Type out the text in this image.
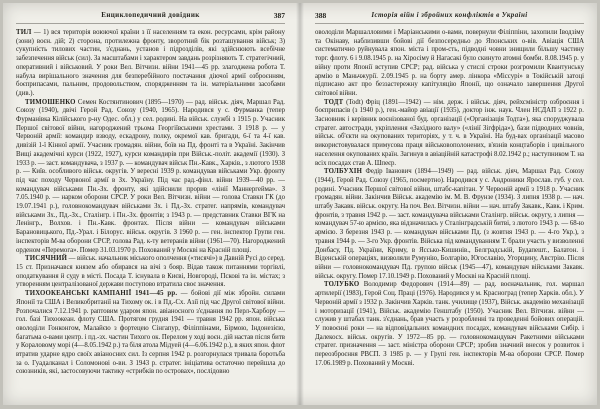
Енциклопедичний довідник	387

ТИЛ — 1) вся територія воюючої країни з її населенням та екон. ресурсами, крім району (зони) воєн. дій; 2) сторона, протилежна фронту, зворотний бік розташування військ; 3) сукупність тилових частин, з'єднань, установ і підрозділів, які здійснюють всебічне забезпечення військ (сил). За масштабами і характером завдань розрізняють Т. стратегічний, оперативний і військовий. У роки Вел. Вітчизн. війни 1941—45 рр. злагоджена робота Т. набула вирішального значення для безперебійного постачання діючої армії озброєнням, боєприпасами, пальним, продовольством, спорядженням та ін. матеріальними засобами (див.).

ТИМОШЕНКО Семен Костянтинович (1895—1970) — рад. військ. діяч, Маршал Рад. Союзу (1940), двічі Герой Рад. Союзу (1940, 1965). Народився у с. Фурманка (тепер Фурманівка Кілійського р-ну Одес. обл.) у сел. родині. На військ. службі з 1915 р. Учасник Першої світової війни, нагороджений трьома Георгіївськими хрестами. З 1918 р. — у Червоній армії: командир взводу, ескадрону, полку, окремої кав. бригади, 6-ї та 4-ї кав. дивізій 1-ї Кінної армії. Учасник громадян. війни, боїв на Пд. фронті та в Україні. Закінчив Вищі академічні курси (1922, 1927), курси командирів при Військ.-політ. академії (1930). З 1933 р. — заст. командувача, з 1937 р. — командувач військ Пн.-Кавк., Харків., з лютого 1938 р. — Київ. особливого військ. округів. У вересні 1939 р. командував військами Укр. фронту під час походу Червоної армії в Зх. Україну. Під час рад.-фінл. війни 1939—40 рр. — командувач військами Пн.-Зх. фронту, які здійснили прорив «лінії Маннергейма». З 7.05.1940 р. — нарком оборони СРСР. У роки Вел. Вітчизн. війни — голова Ставки ГК (до 19.07.1941 р.), головнокомандувач військами Зх. і Пд.-Зх. стратег. напрямів, командувач військами Зх., Пд.-Зх., Сталінгр. і Пн.-Зх. фронтів; з 1943 р. — представник Ставки ВГК на Ленінгр., Волхов. і Пн.-Кавк. фронтах. Після війни — командувач військами Барановицького, Пд.-Урал. і Білорус. військ. округів. З 1960 р. — ген. інспектор Групи ген. інспекторів М-ва оборони СРСР, голова Рад. к-ту ветеранів війни (1961—70). Нагороджений орденом «Перемога». Помер 31.03.1970 р. Похований у Москві на Красній площі.

ТИСЯЧНИЙ — військ. начальник міського ополчення («тисячі») в Давній Русі до серед. 15 ст. Призначався князем або обирався на вічі з бояр. Відав також питаннями торгівлі, оподаткування й суду в місті. Посада Т. існувала в Києві, Новгороді, Пскові та ін. містах; з утворенням централізованої держави поступово втратила своє значення.

ТИХООКЕАНСЬКІ КАМПАНІЇ 1941—45 рр. — бойові дії між збройн. силами Японії та США і Великобританії на Тихому ок. і в Пд.-Сх. Азії під час Другої світової війни. Розпочалися 7.12.1941 р. раптовим ударом япон. авіаносного з'єднання по Перл-Харбору — гол. базі Тихоокеан. флоту США. Протягом грудня 1941 — травня 1942 рр. япон. війська оволоділи Гонконгом, Малайєю з фортецею Сінгапур, Філіппінами, Бірмою, Індонезією, багатьма о-вами центр. і пд.-зх. частин Тихого ок. Перелом у ході воєн. дій настав після битв у Кораловому морі (4—8.05.1942 р.) та біля атола Мідуей (4—6.06.1942 р.), в яких япон. флот втратив ударне ядро своїх авіаносних сил. Із серпня 1942 р. розгорнулася тривала боротьба за о. Гуадалканал і Соломонові о-ви. З 1943 р. стратег. ініціатива остаточно перейшла до союзників, які, застосовуючи тактику «стрибків по островах», послідовно

388	Історія війн і збройних конфліктів в Україні

оволоділи Маршалловими і Маріанськими о-вами, повернули Філіппіни, захопили Іводзіму та Окінаву, наблизивши бойові дії безпосередньо до Японських о-вів. Авіація США систематично руйнувала япон. міста і пром-сть, підводні човни знищили більшу частину торг. флоту. 6 і 9.08.1945 р. на Хіросіму й Нагасакі було скинуто атомні бомби. 8.08.1945 р. у війну проти Японії вступив СРСР; рад. війська у стислі строки розгромили Квантунську армію в Маньчжурії. 2.09.1945 р. на борту амер. лінкора «Міссурі» в Токійській затоці підписано акт про беззастережну капітуляцію Японії, що означало завершення Другої світової війни.

ТОДТ (Todt) Фріц (1891—1942) — нім. держ. і військ. діяч, рейхсміністр озброєння і боєприпасів (з 1940 р.), ген.-майор авіації (1935), доктор інж. наук. Член НСДАП з 1922 р. Засновник і керівник воєнізованої буд. організації («Організація Тодта»), яка споруджувала стратег. автостради, укріплення «Західного валу» («лінії Зігфріда»), бази підводних човнів, військ. об'єкти на окупованих територіях, у т. ч. в Україні. На буд-вах організації масово використовувалася примусова праця військовополонених, в'язнів концтаборів і цивільного населення окупованих країн. Загинув в авіаційній катастрофі 8.02.1942 р.; наступником Т. на всіх посадах став А. Шпеєр.

ТОЛБУХІН Федір Іванович (1894—1949) — рад. військ. діяч, Маршал Рад. Союзу (1944), Герой Рад. Союзу (1965, посмертно). Народився у с. Андроники Ярослав. губ. у сел. родині. Учасник Першої світової війни, штабс-капітан. У Червоній армії з 1918 р. Учасник громадян. війни. Закінчив Військ. академію ім. М. В. Фрунзе (1934). З липня 1938 р. — нач. штабу Закавк. військ. округу. На поч. Вел. Вітчизн. війни — нач. штабу Закавк., Кавк. і Крим. фронтів, з травня 1942 р. — заст. командувача військами Сталінгр. військ. округу, з липня — командувач 57-ю армією, яка відзначилась у Сталінградській битві, з лютого 1943 р. — 68-ю армією. З березня 1943 р. — командувач військами Пд. (з жовтня 1943 р. — 4-го Укр.), з травня 1944 р. — 3-го Укр. фронтів. Війська під командуванням Т. брали участь у визволенні Донбасу, Пд. України, Криму, в Яссько-Кишинів., Белградській, Будапешт., Балатон. і Віденській операціях, визволяли Румунію, Болгарію, Югославію, Угорщину, Австрію. Після війни — головнокомандувач Пд. групою військ (1945—47), командувач військами Закавк. військ. округу. Помер 17.10.1949 р. Похований у Москві на Красній площі.

ТОЛУБКО Володимир Федорович (1914—89) — рад. воєначальник, гол. маршал артилерії (1983), Герой Соц. Праці (1976). Народився у м. Красноград (тепер Харків. обл.). У Червоній армії з 1932 р. Закінчив Харків. танк. училище (1937), Військ. академію механізації і моторизації (1941), Військ. академію Генштабу (1950). Учасник Вел. Вітчизн. війни — служив у штабах танк. з'єднань, брав участь у розробленні та проведенні бойових операцій. У повоєнні роки — на відповідальних командних посадах, командувач військами Сибір. і Далекосх. військ. округів. У 1972—85 рр. — головнокомандувач Ракетними військами стратег. призначення — заст. міністра оборони СРСР; зробив значний внесок у розвиток і переозброєння РВСП. З 1985 р. — у Групі ген. інспекторів М-ва оборони СРСР. Помер 17.06.1989 р. Похований у Москві.
